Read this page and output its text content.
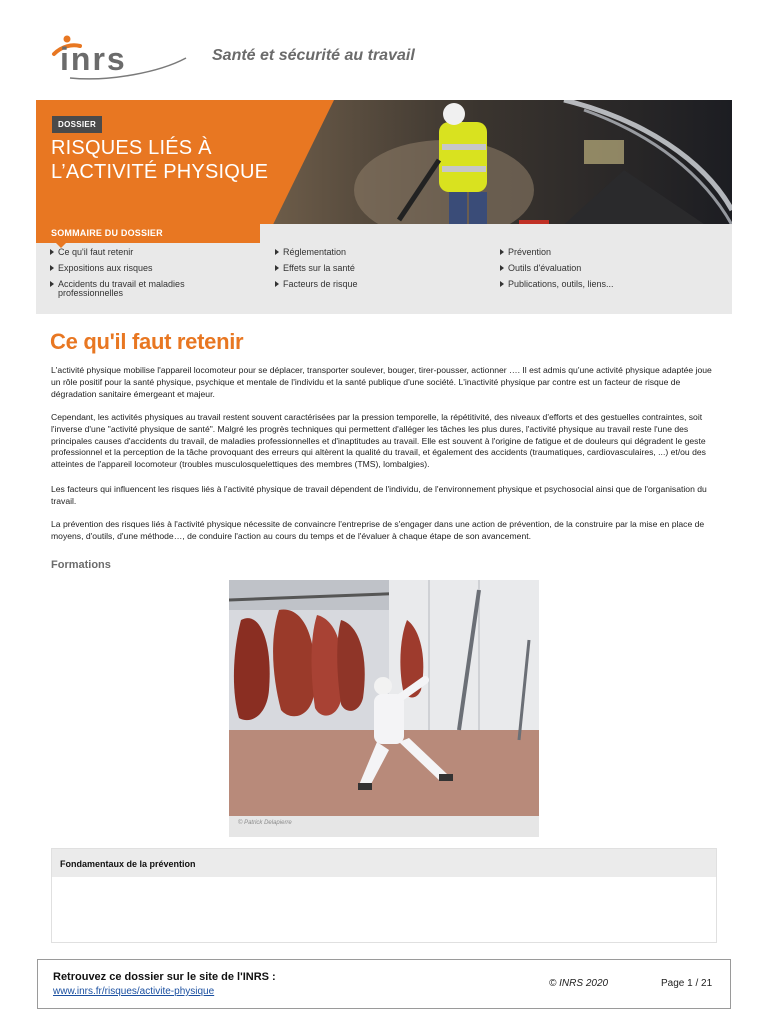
inrs	Santé et sécurité au travail
DOSSIER
RISQUES LIÉS À
L’ACTIVITÉ PHYSIQUE
SOMMAIRE DU DOSSIER
Ce qu'il faut retenir
Expositions aux risques
Accidents du travail et maladies professionnelles
Réglementation
Effets sur la santé
Facteurs de risque
Prévention
Outils d'évaluation
Publications, outils, liens...
Ce qu'il faut retenir
L'activité physique mobilise l'appareil locomoteur pour se déplacer, transporter soulever, bouger, tirer-pousser, actionner …. Il est admis qu'une activité physique adaptée joue un rôle positif pour la santé physique, psychique et mentale de l'individu et la santé publique d'une société. L'inactivité physique par contre est un facteur de risque de dégradation sanitaire émergeant et majeur.
Cependant, les activités physiques au travail restent souvent caractérisées par la pression temporelle, la répétitivité, des niveaux d'efforts et des gestuelles contraintes, soit l'inverse d'une "activité physique de santé". Malgré les progrès techniques qui permettent d'alléger les tâches les plus dures, l'activité physique au travail reste l'une des principales causes d'accidents du travail, de maladies professionnelles et d'inaptitudes au travail. Elle est souvent à l'origine de fatigue et de douleurs qui dégradent le geste professionnel et la perception de la tâche provoquant des erreurs qui altèrent la qualité du travail, et également des accidents (traumatiques, cardiovasculaires, ...) et/ou des atteintes de l'appareil locomoteur (troubles musculosquelettiques des membres (TMS), lombalgies).
Les facteurs qui influencent les risques liés à l'activité physique de travail dépendent de l'individu, de l'environnement physique et psychosocial ainsi que de l'organisation du travail.
La prévention des risques liés à l'activité physique nécessite de convaincre l'entreprise de s'engager dans une action de prévention, de la construire par la mise en place de moyens, d'outils, d'une méthode…, de conduire l'action au cours du temps et de l'évaluer à chaque étape de son avancement.
Formations
© Patrick Delapierre
Fondamentaux de la prévention
Retrouvez ce dossier sur le site de l'INRS :
www.inrs.fr/risques/activite-physique
© INRS 2020	Page 1 / 21
